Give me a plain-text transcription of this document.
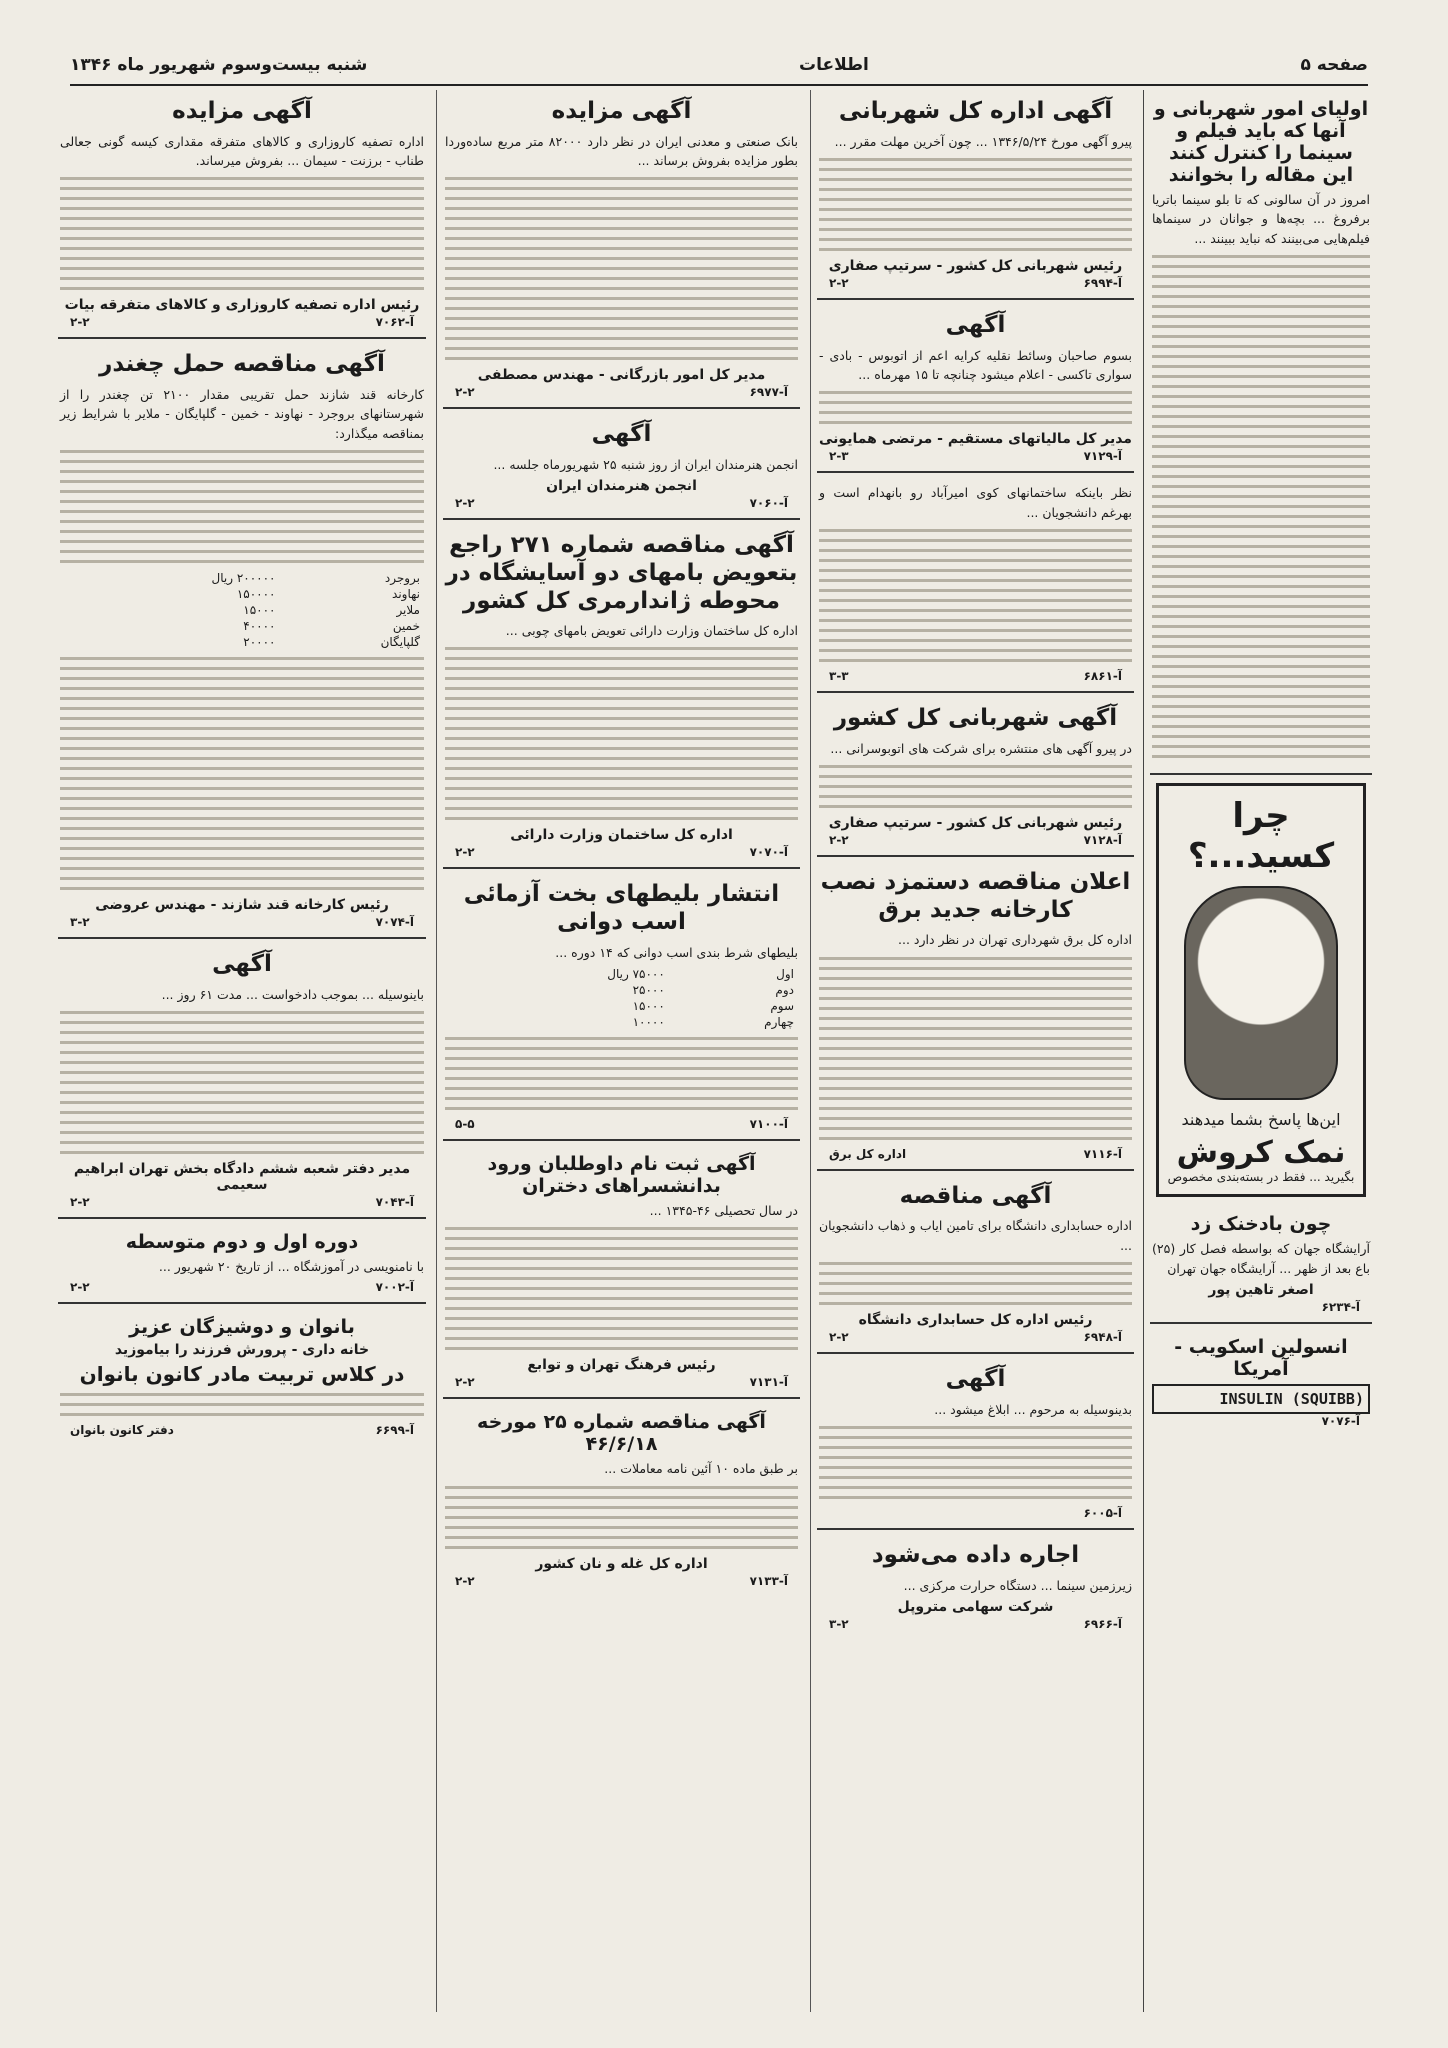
صفحه ۵
اطلاعات
شنبه بیست‌وسوم شهریور ماه ۱۳۴۶
اولیای امور شهربانی و آنها که باید فیلم و سینما را کنترل کنند این مقاله را بخوانند

امروز در آن سالونی که تا بلو سینما باتریا برفروغ ... بچه‌ها و جوانان در سینماها فیلم‌هایی می‌بینند که نباید ببینند ...

چرا کسید...؟
این‌ها پاسخ بشما میدهند
نمک کروش
بگیرید ... فقط در بسته‌بندی مخصوص
چون بادخنک زد

آرایشگاه جهان که بواسطه فصل کار (۲۵) باع بعد از ظهر ... آرایشگاه جهان تهران

اصغر تاهین پور
آ-۶۲۳۴
انسولین اسکویب - آمریکا
INSULIN (SQUIBB)
آ-۷۰۷۶
آگهی اداره کل شهربانی

پیرو آگهی مورخ ۱۳۴۶/۵/۲۴ ... چون آخرین مهلت مقرر ...

رئیس شهربانی کل کشور - سرتیپ صفاری
آ-۶۹۹۴
۲-۲
آگهی

بسوم صاحبان وسائط نقلیه کرایه اعم از اتوبوس - بادی - سواری تاکسی - اعلام میشود چنانچه تا ۱۵ مهرماه ...

مدیر کل مالیاتهای مستقیم - مرتضی همایونی
آ-۷۱۲۹
۲-۳

نظر باینکه ساختمانهای کوی امیرآباد رو بانهدام است و بهرغم دانشجویان ...

آ-۶۸۶۱
۳-۳
آگهی شهربانی کل کشور

در پیرو آگهی های منتشره برای شرکت های اتوبوسرانی ...

رئیس شهربانی کل کشور - سرتیپ صفاری
آ-۷۱۲۸
۲-۲
اعلان مناقصه دستمزد نصب کارخانه جدید برق

اداره کل برق شهرداری تهران در نظر دارد ...

آ-۷۱۱۶
اداره کل برق
آگهی مناقصه

اداره حسابداری دانشگاه برای تامین ایاب و ذهاب دانشجویان ...

رئیس اداره کل حسابداری دانشگاه
آ-۶۹۴۸
۲-۲
آگهی

بدینوسیله به مرحوم ... ابلاغ میشود ...

آ-۶۰۰۵
اجاره داده می‌شود

زیرزمین سینما ... دستگاه حرارت مرکزی ...

شرکت سهامی متروپل
آ-۶۹۶۶
۳-۲
آگهی مزایده

بانک صنعتی و معدنی ایران در نظر دارد ۸۲۰۰۰ متر مربع ساده‌وردا بطور مزایده بفروش برساند ...

مدیر کل امور بازرگانی - مهندس مصطفی
آ-۶۹۷۷
۲-۲
آگهی

انجمن هنرمندان ایران از روز شنبه ۲۵ شهریورماه جلسه ...

انجمن هنرمندان ایران
آ-۷۰۶۰
۲-۲
آگهی مناقصه شماره ۲۷۱ راجع بتعویض بامهای دو آسایشگاه در محوطه ژاندارمری کل کشور

اداره کل ساختمان وزارت دارائی تعویض بامهای چوبی ...

اداره کل ساختمان وزارت دارائی
آ-۷۰۷۰
۲-۲
انتشار بلیطهای بخت آزمائی اسب دوانی

بلیطهای شرط بندی اسب دوانی که ۱۴ دوره ...

اول	۷۵۰۰۰ ریال
دوم	۲۵۰۰۰
سوم	۱۵۰۰۰
چهارم	۱۰۰۰۰
آ-۷۱۰۰
۵-۵
آگهی ثبت نام داوطلبان ورود بدانشسراهای دختران

در سال تحصیلی ۴۶-۱۳۴۵ ...

رئیس فرهنگ تهران و توابع
آ-۷۱۳۱
۲-۲
آگهی مناقصه شماره ۲۵ مورخه ۴۶/۶/۱۸

بر طبق ماده ۱۰ آئین نامه معاملات ...

اداره کل غله و نان کشور
آ-۷۱۳۳
۲-۲
آگهی مزایده

اداره تصفیه کاروزاری و کالاهای متفرقه مقداری کیسه گونی جعالی طناب - برزنت - سیمان ... بفروش میرساند.

رئیس اداره تصفیه کاروزاری و کالاهای متفرقه بیات
آ-۷۰۶۲
۲-۲
آگهی مناقصه حمل چغندر

کارخانه قند شازند حمل تقریبی مقدار ۲۱۰۰ تن چغندر را از شهرستانهای بروجرد - نهاوند - خمین - گلپایگان - ملایر با شرایط زیر بمناقصه میگذارد:

بروجرد	۲۰۰۰۰۰ ریال
نهاوند	۱۵۰۰۰۰
ملایر	۱۵۰۰۰
خمین	۴۰۰۰۰
گلپایگان	۲۰۰۰۰
رئیس کارخانه قند شازند - مهندس عروضی
آ-۷۰۷۴
۳-۲
آگهی

باینوسیله ... بموجب دادخواست ... مدت ۶۱ روز ...

مدیر دفتر شعبه ششم دادگاه بخش تهران ابراهیم سعیمی
آ-۷۰۴۳
۲-۲
دوره اول و دوم متوسطه

با نامنویسی در آموزشگاه ... از تاریخ ۲۰ شهریور ...

آ-۷۰۰۲
۲-۲
بانوان و دوشیزگان عزیز
خانه داری - پرورش فرزند را بیاموزید
در کلاس تربیت مادر کانون بانوان
آ-۶۶۹۹
دفتر کانون بانوان
